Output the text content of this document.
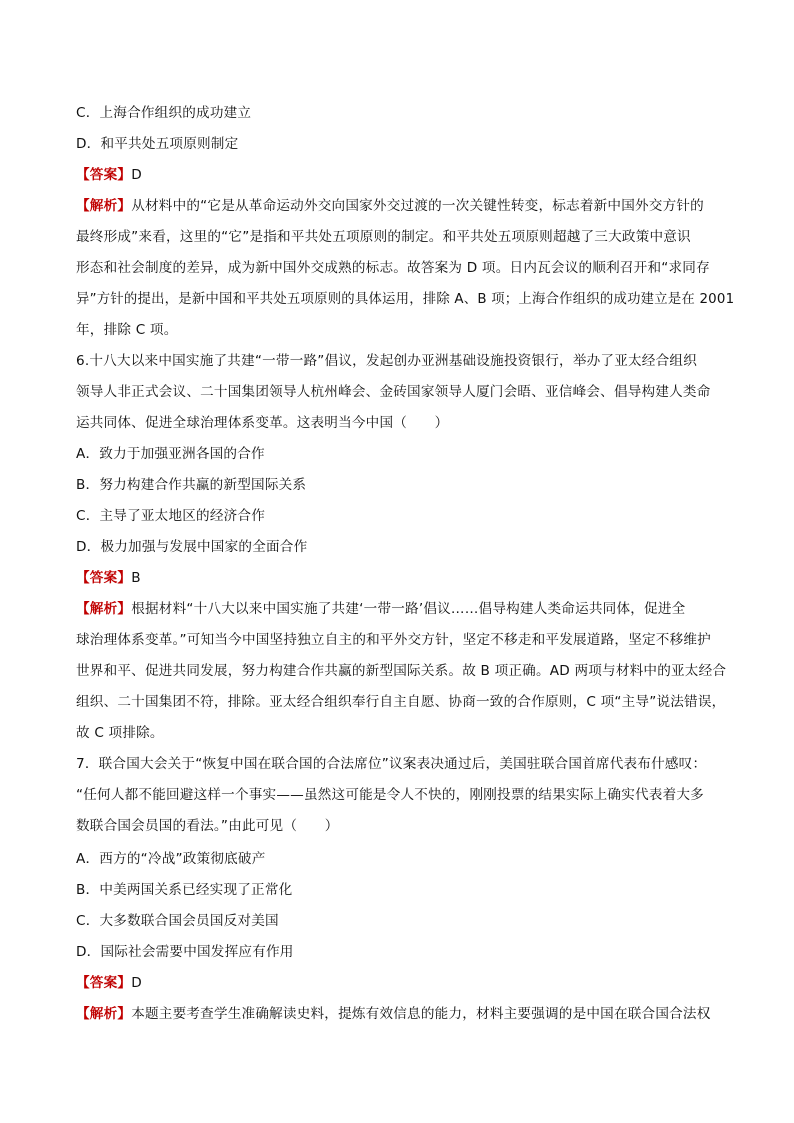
C．上海合作组织的成功建立
D．和平共处五项原则制定
【答案】D
【解析】从材料中的“它是从革命运动外交向国家外交过渡的一次关键性转变，标志着新中国外交方针的
最终形成”来看，这里的“它”是指和平共处五项原则的制定。和平共处五项原则超越了三大政策中意识
形态和社会制度的差异，成为新中国外交成熟的标志。故答案为 D 项。日内瓦会议的顺利召开和“求同存
异”方针的提出，是新中国和平共处五项原则的具体运用，排除 A、B 项；上海合作组织的成功建立是在 2001
年，排除 C 项。
6.十八大以来中国实施了共建“一带一路”倡议，发起创办亚洲基础设施投资银行，举办了亚太经合组织
领导人非正式会议、二十国集团领导人杭州峰会、金砖国家领导人厦门会晤、亚信峰会、倡导构建人类命
运共同体、促进全球治理体系变革。这表明当今中国（　　）
A．致力于加强亚洲各国的合作
B．努力构建合作共赢的新型国际关系
C．主导了亚太地区的经济合作
D．极力加强与发展中国家的全面合作
【答案】B
【解析】根据材料“十八大以来中国实施了共建‘一带一路’倡议……倡导构建人类命运共同体，促进全
球治理体系变革。”可知当今中国坚持独立自主的和平外交方针，坚定不移走和平发展道路，坚定不移维护
世界和平、促进共同发展，努力构建合作共赢的新型国际关系。故 B 项正确。AD 两项与材料中的亚太经合
组织、二十国集团不符，排除。亚太经合组织奉行自主自愿、协商一致的合作原则，C 项“主导”说法错误，
故 C 项排除。
7．联合国大会关于“恢复中国在联合国的合法席位”议案表决通过后，美国驻联合国首席代表布什感叹：
“任何人都不能回避这样一个事实——虽然这可能是令人不快的，刚刚投票的结果实际上确实代表着大多
数联合国会员国的看法。”由此可见（　　）
A．西方的“冷战”政策彻底破产
B．中美两国关系已经实现了正常化
C．大多数联合国会员国反对美国
D．国际社会需要中国发挥应有作用
【答案】D
【解析】本题主要考查学生准确解读史料，提炼有效信息的能力，材料主要强调的是中国在联合国合法权
